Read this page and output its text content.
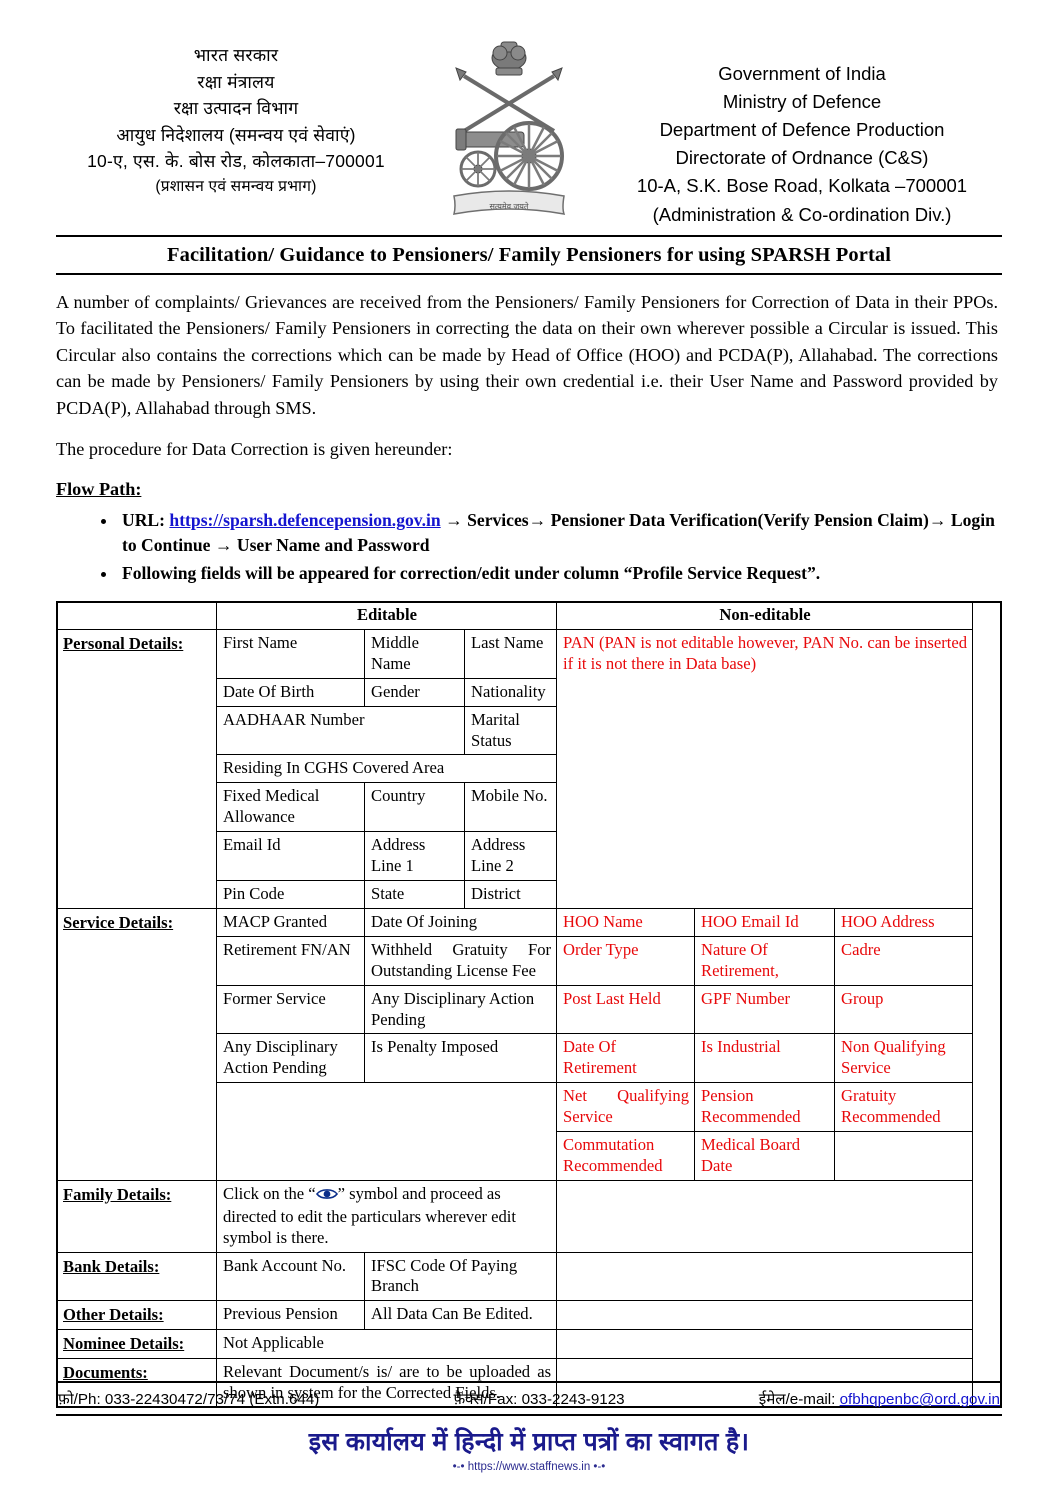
भारत सरकार
रक्षा मंत्रालय
रक्षा उत्पादन विभाग
आयुध निदेशालय (समन्वय एवं सेवाएं)
10-ए, एस. के. बोस रोड, कोलकाता–700001
(प्रशासन एवं समन्वय प्रभाग)
सत्यमेव जयते
Government of India
Ministry of Defence
Department of Defence Production
Directorate of Ordnance (C&S)
10-A, S.K. Bose Road, Kolkata –700001
(Administration & Co-ordination Div.)
Facilitation/ Guidance to Pensioners/ Family Pensioners for using SPARSH Portal

A number of complaints/ Grievances are received from the Pensioners/ Family Pensioners for Correction of Data in their PPOs. To facilitated the Pensioners/ Family Pensioners in correcting the data on their own wherever possible a Circular is issued. This Circular also contains the corrections which can be made by Head of Office (HOO) and PCDA(P), Allahabad. The corrections can be made by Pensioners/ Family Pensioners by using their own credential i.e. their User Name and Password provided by PCDA(P), Allahabad through SMS.

The procedure for Data Correction is given hereunder:

Flow Path:
• URL: https://sparsh.defencepension.gov.in → Services→ Pensioner Data Verification(Verify Pension Claim)→ Login to Continue → User Name and Password
• Following fields will be appeared for correction/edit under column “Profile Service Request”.
	Editable			Non-editable		
Personal Details:	First Name	Middle Name	Last Name	PAN (PAN is not editable however, PAN No. can be inserted if it is not there in Data base)		
	Date Of Birth	Gender	Nationality			
	AADHAAR Number		Marital Status			
	Residing In CGHS Covered Area					
	Fixed Medical Allowance	Country	Mobile No.			
	Email Id	Address Line 1	Address Line 2			
	Pin Code	State	District			
Service Details:	MACP Granted	Date Of Joining		HOO Name	HOO Email Id	HOO Address
	Retirement FN/AN	Withheld Gratuity For Outstanding License Fee		Order Type	Nature Of Retirement,	Cadre
	Former Service	Any Disciplinary Action Pending		Post Last Held	GPF Number	Group
	Any Disciplinary Action Pending	Is Penalty Imposed		Date Of Retirement	Is Industrial	Non Qualifying Service
				Net Qualifying Service	Pension Recommended	Gratuity Recommended
				Commutation Recommended	Medical Board Date	
Family Details:	Click on the “ ” symbol and proceed as directed to edit the particulars wherever edit symbol is there.					
Bank Details:	Bank Account No.	IFSC Code Of Paying Branch				
Other Details:	Previous Pension	All Data Can Be Edited.				
Nominee Details:	Not Applicable					
Documents:	Relevant Document/s is/ are to be uploaded as shown in system for the Corrected Fields.					
फ़ो/Ph: 033-22430472/73/74 (Extn.644)	फ़ैक्स/Fax: 033-2243-9123	ईमेल/e-mail: ofbhqpenbc@ord.gov.in
इस कार्यालय में हिन्दी में प्राप्त पत्रों का स्वागत है।
•-• https://www.staffnews.in •-•
